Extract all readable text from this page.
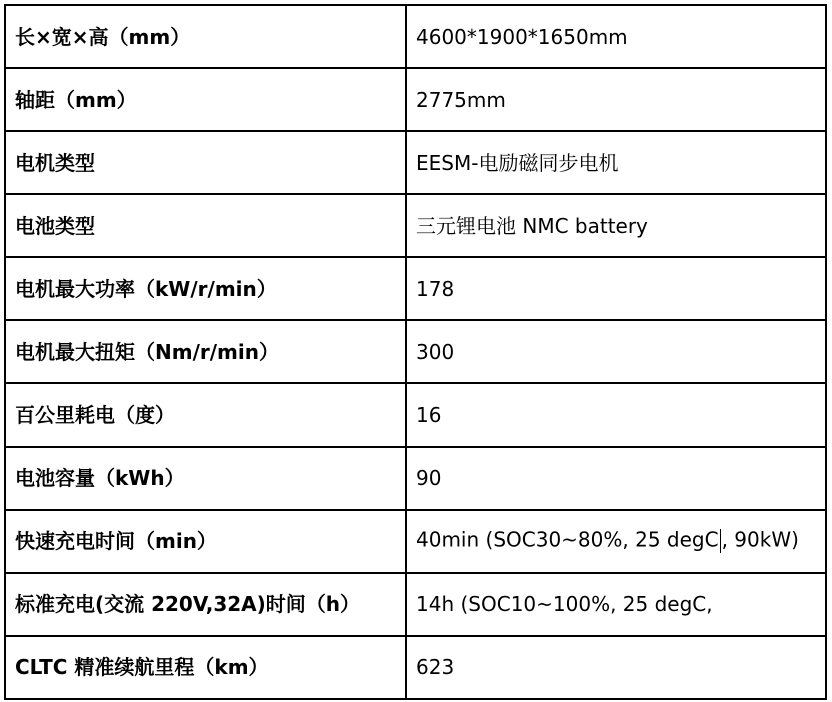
长×宽×高（mm）	4600*1900*1650mm
轴距（mm）	2775mm
电机类型	EESM-电励磁同步电机
电池类型	三元锂电池 NMC battery
电机最大功率（kW/r/min）	178
电机最大扭矩（Nm/r/min）	300
百公里耗电（度）	16
电池容量（kWh）	90
快速充电时间（min）	40min (SOC30~80%, 25 degC , 90kW)
标准充电(交流 220V,32A)时间（h）	14h (SOC10~100%, 25 degC,
CLTC 精准续航里程（km）	623
